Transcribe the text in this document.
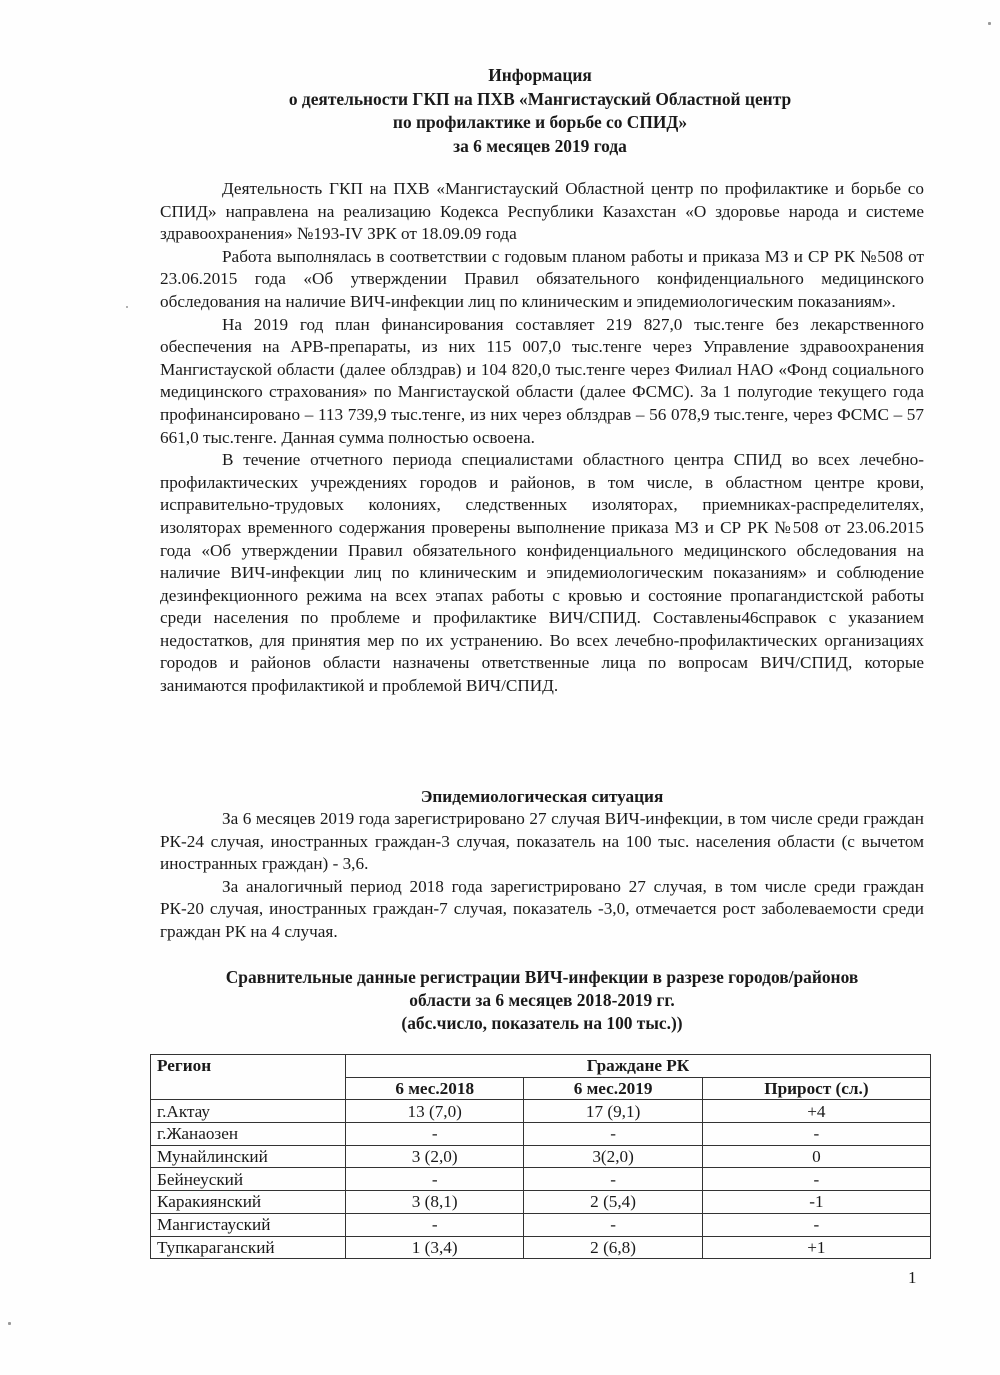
Информация
о деятельности ГКП на ПХВ «Мангистауский Областной центр
по профилактике и борьбе со СПИД»
за 6 месяцев 2019 года

Деятельность ГКП на ПХВ «Мангистауский Областной центр по профилактике и борьбе со СПИД» направлена на реализацию Кодекса Республики Казахстан «О здоровье народа и системе здравоохранения» №193-IV ЗРК от 18.09.09 года

Работа выполнялась в соответствии с годовым планом работы и приказа МЗ и СР РК №508 от 23.06.2015 года «Об утверждении Правил обязательного конфиденциального медицинского обследования на наличие ВИЧ-инфекции лиц по клиническим и эпидемиологическим показаниям».

На 2019 год план финансирования составляет 219 827,0 тыс.тенге без лекарственного обеспечения на АРВ-препараты, из них 115 007,0 тыс.тенге через Управление здравоохранения Мангистауской области (далее облздрав) и 104 820,0 тыс.тенге через Филиал НАО «Фонд социального медицинского страхования» по Мангистауской области (далее ФСМС). За 1 полугодие текущего года профинансировано – 113 739,9 тыс.тенге, из них через облздрав – 56 078,9 тыс.тенге, через ФСМС – 57 661,0 тыс.тенге. Данная сумма полностью освоена.

В течение отчетного периода специалистами областного центра СПИД во всех лечебно-профилактических учреждениях городов и районов, в том числе, в областном центре крови, исправительно-трудовых колониях, следственных изоляторах, приемниках-распределителях, изоляторах временного содержания проверены выполнение приказа МЗ и СР РК №508 от 23.06.2015 года «Об утверждении Правил обязательного конфиденциального медицинского обследования на наличие ВИЧ-инфекции лиц по клиническим и эпидемиологическим показаниям» и соблюдение дезинфекционного режима на всех этапах работы с кровью и состояние пропагандистской работы среди населения по проблеме и профилактике ВИЧ/СПИД. Составлены46справок с указанием недостатков, для принятия мер по их устранению. Во всех лечебно-профилактических организациях городов и районов области назначены ответственные лица по вопросам ВИЧ/СПИД, которые занимаются профилактикой и проблемой ВИЧ/СПИД.

Эпидемиологическая ситуация

За 6 месяцев 2019 года зарегистрировано 27 случая ВИЧ-инфекции, в том числе среди граждан РК-24 случая, иностранных граждан-3 случая, показатель на 100 тыс. населения области (с вычетом иностранных граждан) - 3,6.

За аналогичный период 2018 года зарегистрировано 27 случая, в том числе среди граждан РК-20 случая, иностранных граждан-7 случая, показатель -3,0, отмечается рост заболеваемости среди граждан РК на 4 случая.

Сравнительные данные регистрации ВИЧ-инфекции в разрезе городов/районов
области за 6 месяцев 2018-2019 гг.
(абс.число, показатель на 100 тыс.))
Регион	Граждане РК		
	6 мес.2018	6 мес.2019	Прирост (сл.)
г.Актау	13 (7,0)	17 (9,1)	+4
г.Жанаозен	-	-	-
Мунайлинский	3 (2,0)	3(2,0)	0
Бейнеуский	-	-	-
Каракиянский	3 (8,1)	2 (5,4)	-1
Мангистауский	-	-	-
Тупкараганский	1 (3,4)	2 (6,8)	+1
1
